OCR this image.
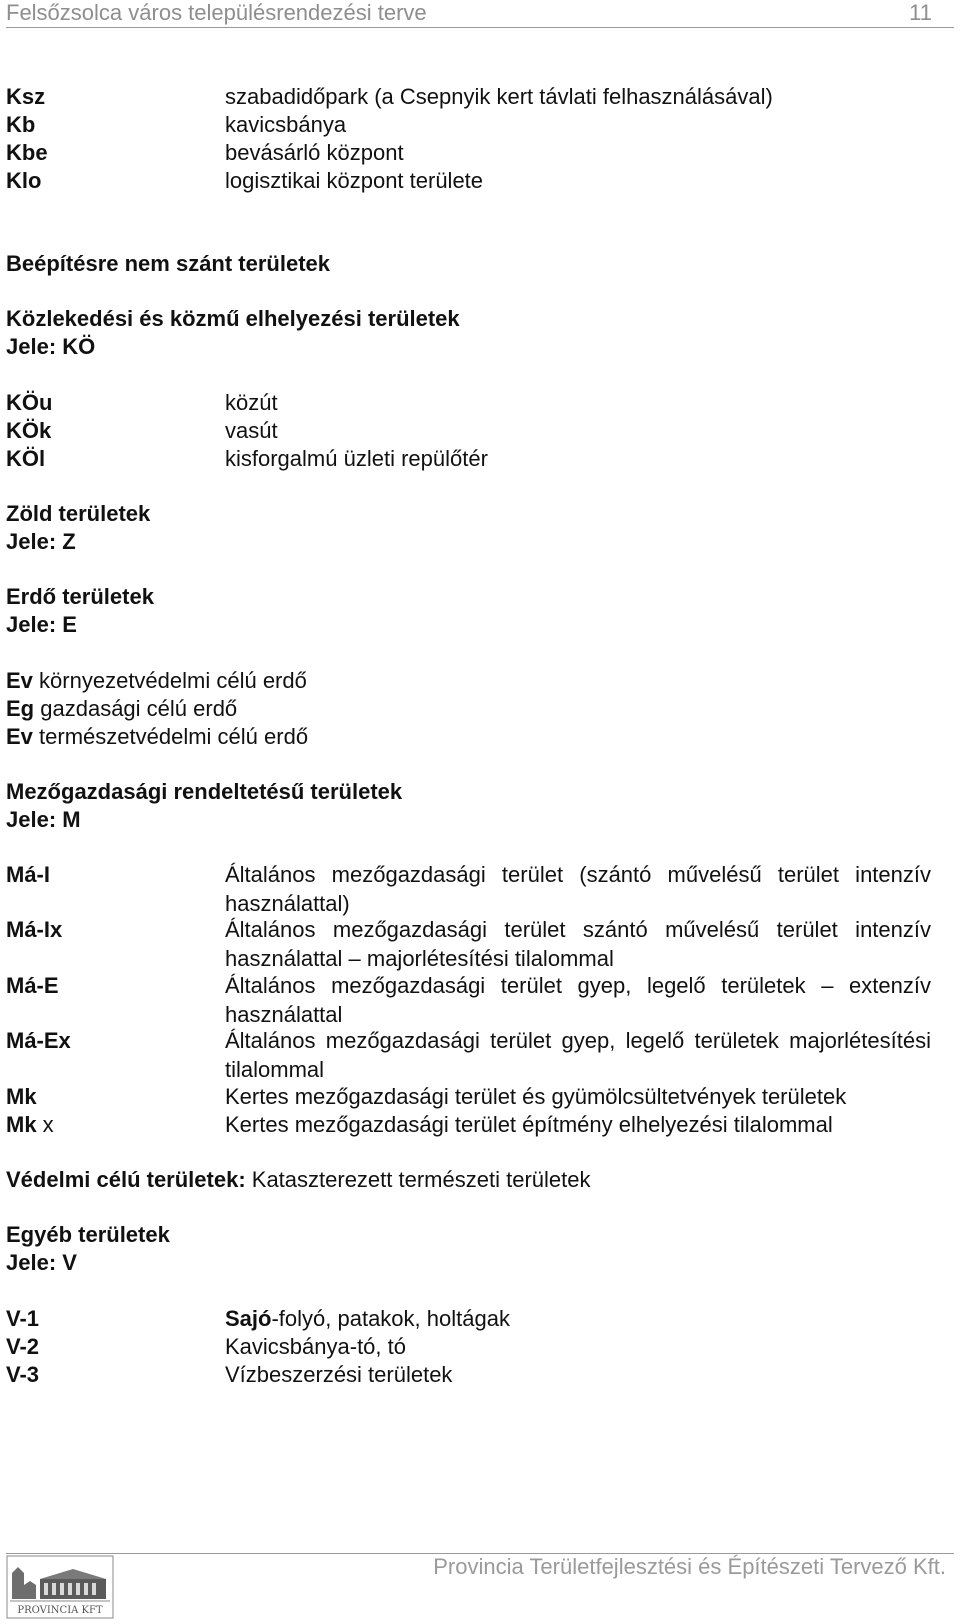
Felsőzsolca város településrendezési terve	11
Ksz	szabadidőpark (a Csepnyik kert távlati felhasználásával)
Kb	kavicsbánya
Kbe	bevásárló központ
Klo	logisztikai központ területe
Beépítésre nem szánt területek
Közlekedési és közmű elhelyezési területek
Jele: KÖ
KÖu	közút
KÖk	vasút
KÖl	kisforgalmú üzleti repülőtér
Zöld területek
Jele: Z
Erdő területek
Jele: E
Ev környezetvédelmi célú erdő
Eg gazdasági célú erdő
Ev természetvédelmi célú erdő
Mezőgazdasági rendeltetésű területek
Jele: M
Má-I	Általános mezőgazdasági terület (szántó művelésű terület intenzív használattal)
Má-Ix	Általános mezőgazdasági terület szántó művelésű terület intenzív használattal – majorlétesítési tilalommal
Má-E	Általános mezőgazdasági terület gyep, legelő területek – extenzív használattal
Má-Ex	Általános mezőgazdasági terület gyep, legelő területek majorlétesítési tilalommal
Mk	Kertes mezőgazdasági terület és gyümölcsültetvények területek
Mk x	Kertes mezőgazdasági terület építmény elhelyezési tilalommal
Védelmi célú területek: Kataszterezett természeti területek
Egyéb területek
Jele: V
V-1	Sajó-folyó, patakok, holtágak
V-2	Kavicsbánya-tó, tó
V-3	Vízbeszerzési területek
PROVINCIA KFT
Provincia Területfejlesztési és Építészeti Tervező Kft.
